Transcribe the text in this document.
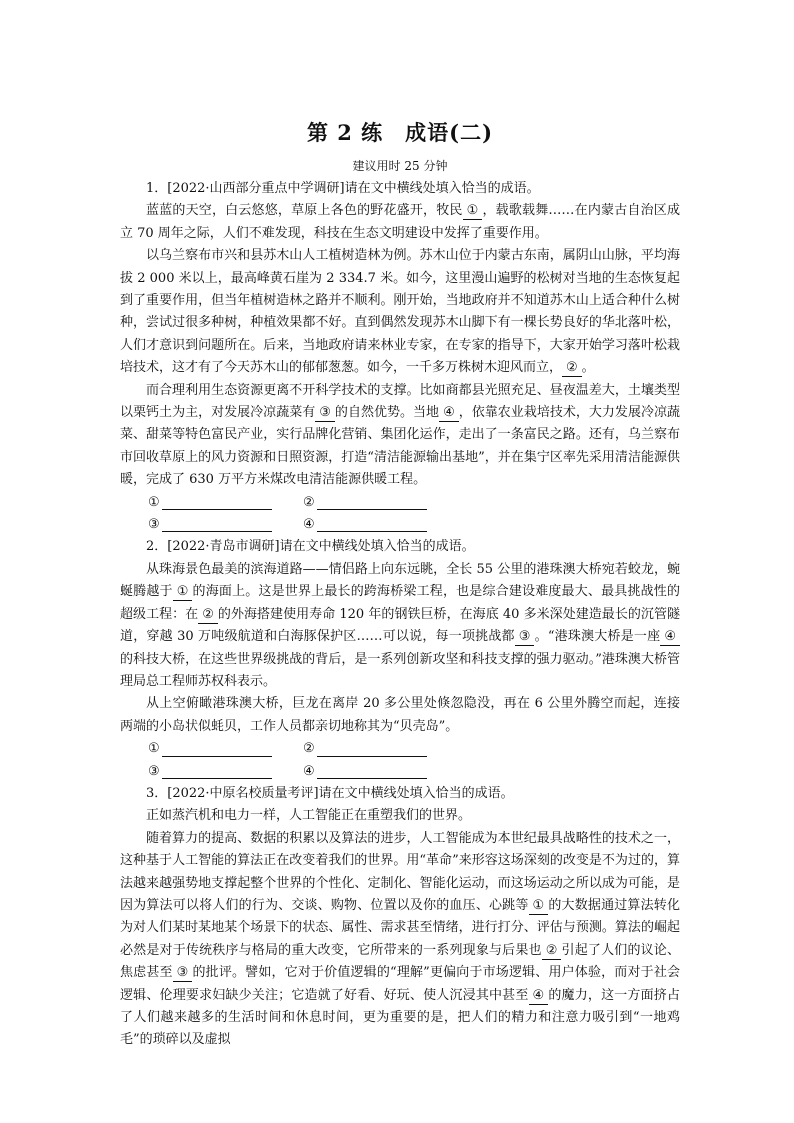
第 2 练　成语(二)
建议用时 25 分钟

1．[2022·山西部分重点中学调研]请在文中横线处填入恰当的成语。

蓝蓝的天空，白云悠悠，草原上各色的野花盛开，牧民 ① ，载歌载舞……在内蒙古自治区成立 70 周年之际，人们不难发现，科技在生态文明建设中发挥了重要作用。

以乌兰察布市兴和县苏木山人工植树造林为例。苏木山位于内蒙古东南，属阴山山脉，平均海拔 2 000 米以上，最高峰黄石崖为 2 334.7 米。如今，这里漫山遍野的松树对当地的生态恢复起到了重要作用，但当年植树造林之路并不顺利。刚开始，当地政府并不知道苏木山上适合种什么树种，尝试过很多种树，种植效果都不好。直到偶然发现苏木山脚下有一棵长势良好的华北落叶松，人们才意识到问题所在。后来，当地政府请来林业专家，在专家的指导下，大家开始学习落叶松栽培技术，这才有了今天苏木山的郁郁葱葱。如今，一千多万株树木迎风而立， ② 。

而合理利用生态资源更离不开科学技术的支撑。比如商都县光照充足、昼夜温差大，土壤类型以栗钙土为主，对发展冷凉蔬菜有 ③ 的自然优势。当地 ④ ，依靠农业栽培技术，大力发展冷凉蔬菜、甜菜等特色富民产业，实行品牌化营销、集团化运作，走出了一条富民之路。还有，乌兰察布市回收草原上的风力资源和日照资源，打造“清洁能源输出基地”，并在集宁区率先采用清洁能源供暖，完成了 630 万平方米煤改电清洁能源供暖工程。

①	②
③	④

2．[2022·青岛市调研]请在文中横线处填入恰当的成语。

从珠海景色最美的滨海道路——情侣路上向东远眺，全长 55 公里的港珠澳大桥宛若蛟龙，蜿蜒腾越于 ① 的海面上。这是世界上最长的跨海桥梁工程，也是综合建设难度最大、最具挑战性的超级工程：在 ② 的外海搭建使用寿命 120 年的钢铁巨桥，在海底 40 多米深处建造最长的沉管隧道，穿越 30 万吨级航道和白海豚保护区……可以说，每一项挑战都 ③ 。“港珠澳大桥是一座 ④的科技大桥，在这些世界级挑战的背后，是一系列创新攻坚和科技支撑的强力驱动。”港珠澳大桥管理局总工程师苏权科表示。

从上空俯瞰港珠澳大桥，巨龙在离岸 20 多公里处倏忽隐没，再在 6 公里外腾空而起，连接两端的小岛状似蚝贝，工作人员都亲切地称其为“贝壳岛”。

①	②
③	④

3．[2022·中原名校质量考评]请在文中横线处填入恰当的成语。

正如蒸汽机和电力一样，人工智能正在重塑我们的世界。

随着算力的提高、数据的积累以及算法的进步，人工智能成为本世纪最具战略性的技术之一，这种基于人工智能的算法正在改变着我们的世界。用“革命”来形容这场深刻的改变是不为过的，算法越来越强势地支撑起整个世界的个性化、定制化、智能化运动，而这场运动之所以成为可能，是因为算法可以将人们的行为、交谈、购物、位置以及你的血压、心跳等 ① 的大数据通过算法转化为对人们某时某地某个场景下的状态、属性、需求甚至情绪，进行打分、评估与预测。算法的崛起必然是对于传统秩序与格局的重大改变，它所带来的一系列现象与后果也 ② 引起了人们的议论、焦虑甚至 ③ 的批评。譬如，它对于价值逻辑的“理解”更偏向于市场逻辑、用户体验，而对于社会逻辑、伦理要求妇缺少关注；它造就了好看、好玩、使人沉浸其中甚至 ④ 的魔力，这一方面挤占了人们越来越多的生活时间和休息时间，更为重要的是，把人们的精力和注意力吸引到“一地鸡毛”的琐碎以及虚拟
